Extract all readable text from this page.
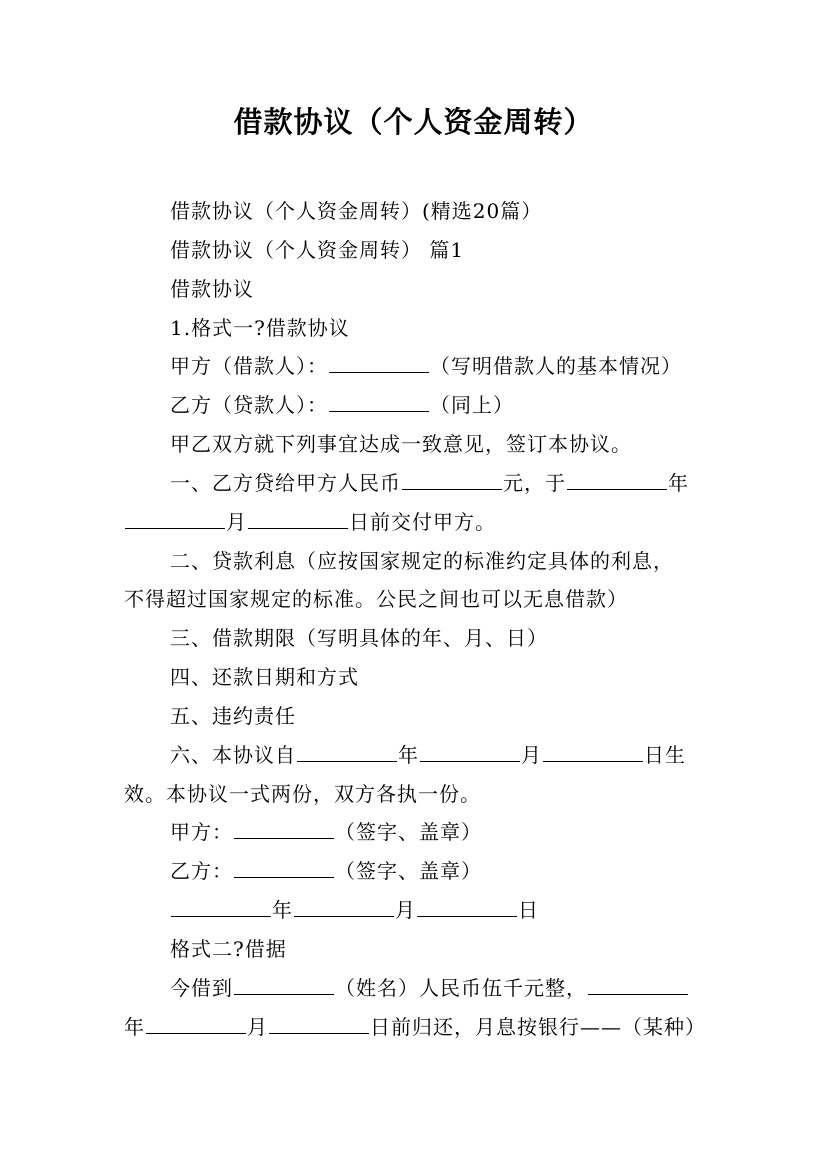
借款协议（个人资金周转）
借款协议（个人资金周转）(精选20篇）
借款协议（个人资金周转） 篇1
借款协议
1.格式一?借款协议
甲方（借款人）：	（写明借款人的基本情况）
乙方（贷款人）：	（同上）
甲乙双方就下列事宜达成一致意见，签订本协议。
一、乙方贷给甲方人民币	元，于	年
月	日前交付甲方。
二、贷款利息（应按国家规定的标准约定具体的利息，
不得超过国家规定的标准。公民之间也可以无息借款）
三、借款期限（写明具体的年、月、日）
四、还款日期和方式
五、违约责任
六、本协议自	年	月	日生
效。本协议一式两份，双方各执一份。
甲方：	（签字、盖章）
乙方：	（签字、盖章）
年	月	日
格式二?借据
今借到	（姓名）人民币伍千元整，
年	月	日前归还，月息按银行——（某种）
